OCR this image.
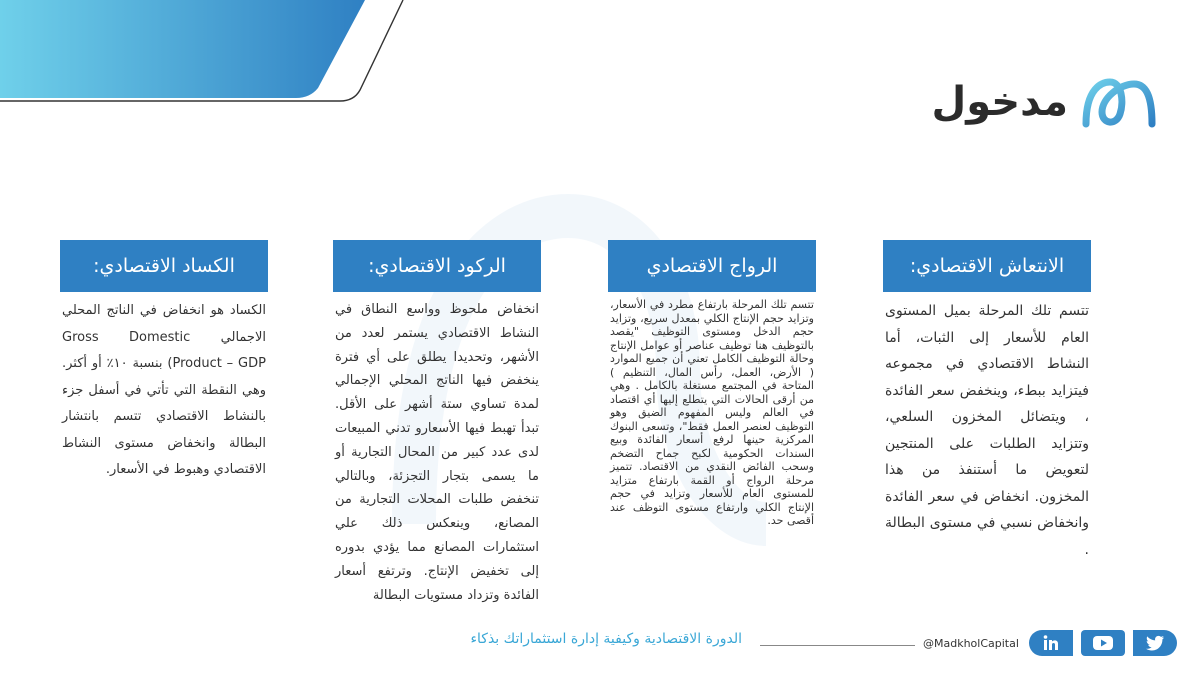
مدخول
الانتعاش الاقتصادي:
تتسم تلك المرحلة بميل المستوى العام للأسعار إلى الثبات، أما النشاط الاقتصادي في مجموعه فيتزايد ببطء، وينخفض سعر الفائدة ، ويتضائل المخزون السلعي، وتتزايد الطلبات على المنتجين لتعويض ما أستنفذ من هذا المخزون. انخفاض في سعر الفائدة وانخفاض نسبي في مستوى البطالة .
الرواج الاقتصادي
تتسم تلك المرحلة بارتفاع مطرد في الأسعار، وتزايد حجم الإنتاج الكلي بمعدل سريع، وتزايد حجم الدخل ومستوى التوظيف "يقصد بالتوظيف هنا توظيف عناصر أو عوامل الإنتاج وحالة التوظيف الكامل تعني أن جميع الموارد ( الأرض، العمل، رأس المال، التنظيم ) المتاحة في المجتمع مستغلة بالكامل . وهي من أرقى الحالات التي يتطلع إليها أي اقتصاد في العالم وليس المفهوم الضيق وهو التوظيف لعنصر العمل فقط"، وتسعى البنوك المركزية حينها لرفع أسعار الفائدة وبيع السندات الحكومية لكبح جماح التضخم وسحب الفائض النقدي من الاقتصاد. تتميز مرحلة الرواج أو القمة بارتفاع متزايد للمستوى العام للأسعار وتزايد في حجم الإنتاج الكلي وارتفاع مستوى التوظف عند أقصى حد.
الركود الاقتصادي:
انخفاض ملحوظ وواسع النطاق في النشاط الاقتصادي يستمر لعدد من الأشهر، وتحديدا يطلق على أي فترة ينخفض فيها الناتج المحلي الإجمالي لمدة تساوي ستة أشهر على الأقل. تبدأ تهبط فيها الأسعارو تدني المبيعات لدى عدد كبير من المحال التجارية أو ما يسمى بتجار التجزئة، وبالتالي تنخفض طلبات المحلات التجارية من المصانع، وينعكس ذلك علي استثمارات المصانع مما يؤدي بدوره إلى تخفيض الإنتاج. وترتفع أسعار الفائدة وتزداد مستويات البطالة
الكساد الاقتصادي:
الكساد هو انخفاض في الناتج المحلي الاجمالي Gross Domestic Product – GDP) بنسبة ١٠٪ أو أكثر. وهي النقطة التي تأتي في أسفل جزء بالنشاط الاقتصادي تتسم بانتشار البطالة وانخفاض مستوى النشاط الاقتصادي وهبوط في الأسعار.
الدورة الاقتصادية وكيفية إدارة استثماراتك بذكاء	@MadkholCapital
